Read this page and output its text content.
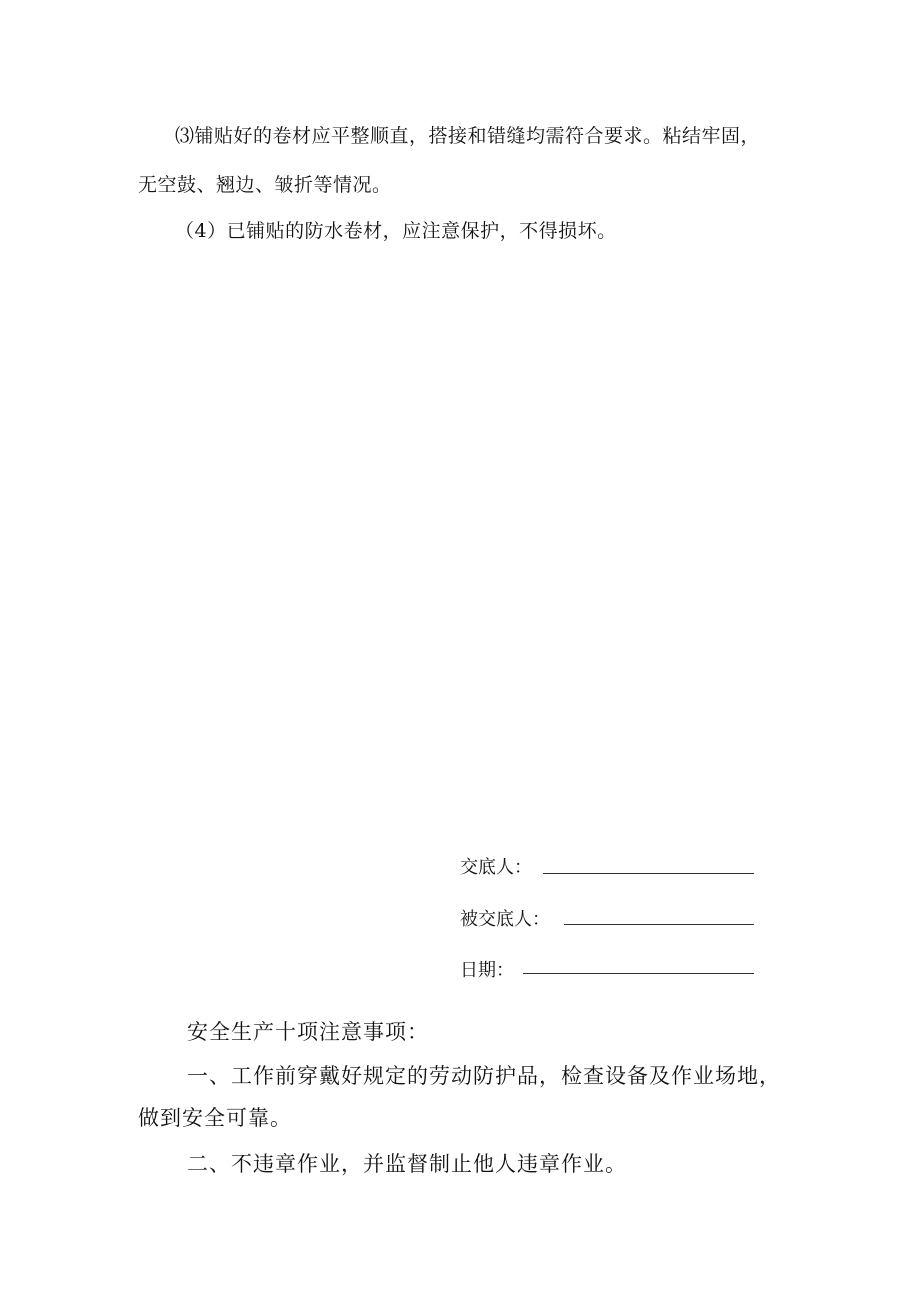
⑶铺贴好的卷材应平整顺直，搭接和错缝均需符合要求。粘结牢固，
无空鼓、翘边、皱折等情况。
（4）已铺贴的防水卷材，应注意保护，不得损坏。
交底人：
被交底人：
日期：
安全生产十项注意事项：
一、工作前穿戴好规定的劳动防护品，检查设备及作业场地，
做到安全可靠。
二、不违章作业，并监督制止他人违章作业。
